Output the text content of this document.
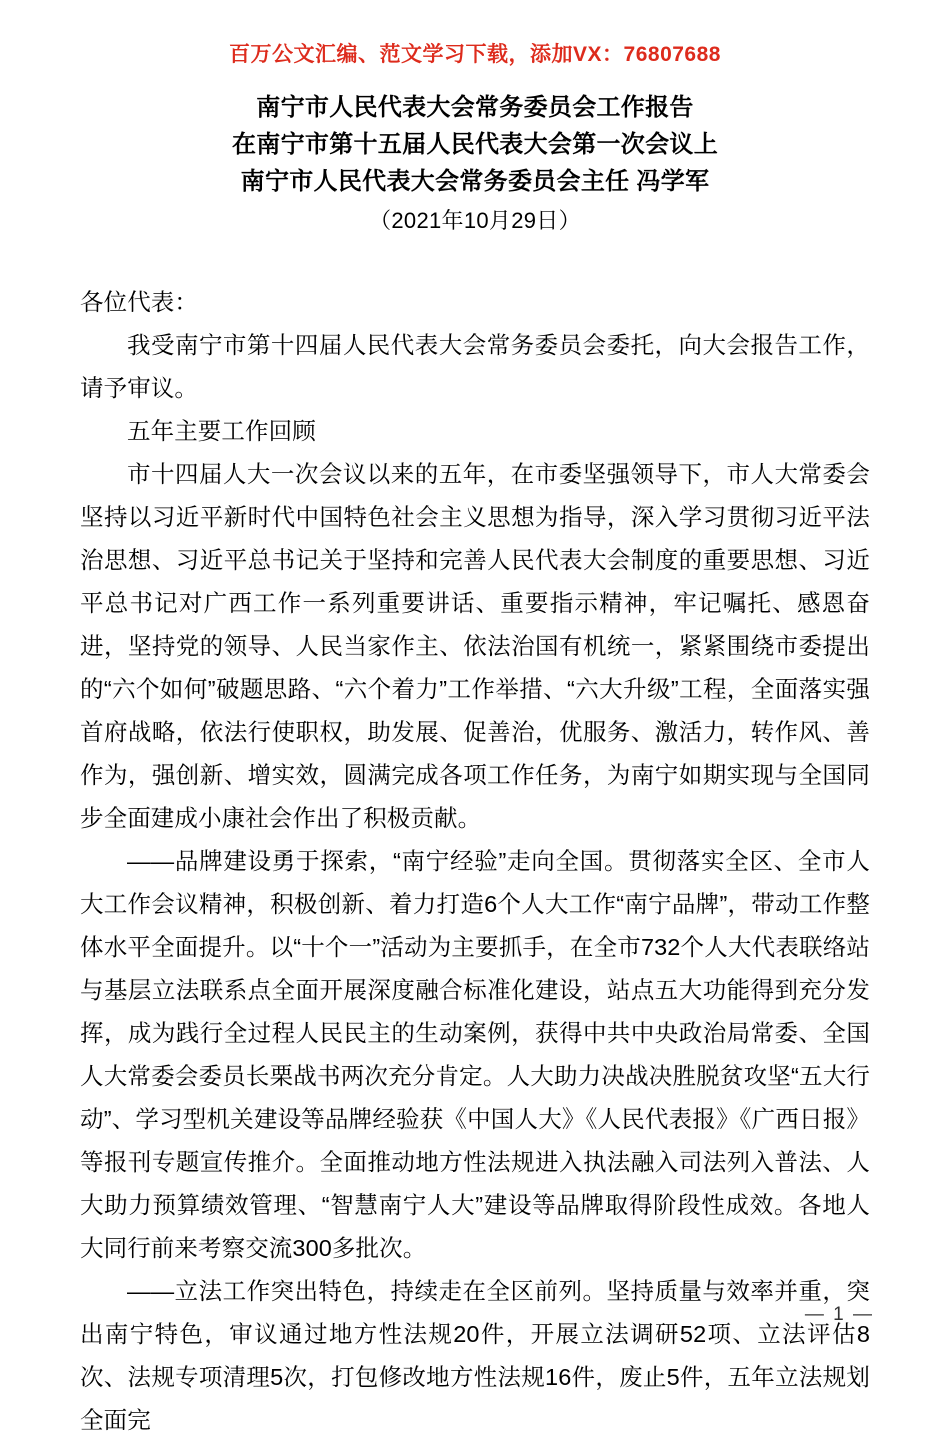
百万公文汇编、范文学习下载，添加VX：76807688
南宁市人民代表大会常务委员会工作报告
在南宁市第十五届人民代表大会第一次会议上
南宁市人民代表大会常务委员会主任 冯学军
（2021年10月29日）

各位代表：

我受南宁市第十四届人民代表大会常务委员会委托，向大会报告工作，请予审议。

五年主要工作回顾

市十四届人大一次会议以来的五年，在市委坚强领导下，市人大常委会坚持以习近平新时代中国特色社会主义思想为指导，深入学习贯彻习近平法治思想、习近平总书记关于坚持和完善人民代表大会制度的重要思想、习近平总书记对广西工作一系列重要讲话、重要指示精神，牢记嘱托、感恩奋进，坚持党的领导、人民当家作主、依法治国有机统一，紧紧围绕市委提出的“六个如何”破题思路、“六个着力”工作举措、“六大升级”工程，全面落实强首府战略，依法行使职权，助发展、促善治，优服务、激活力，转作风、善作为，强创新、增实效，圆满完成各项工作任务，为南宁如期实现与全国同步全面建成小康社会作出了积极贡献。

——品牌建设勇于探索，“南宁经验”走向全国。贯彻落实全区、全市人大工作会议精神，积极创新、着力打造6个人大工作“南宁品牌”，带动工作整体水平全面提升。以“十个一”活动为主要抓手，在全市732个人大代表联络站与基层立法联系点全面开展深度融合标准化建设，站点五大功能得到充分发挥，成为践行全过程人民民主的生动案例，获得中共中央政治局常委、全国人大常委会委员长栗战书两次充分肯定。人大助力决战决胜脱贫攻坚“五大行动”、学习型机关建设等品牌经验获《中国人大》《人民代表报》《广西日报》等报刊专题宣传推介。全面推动地方性法规进入执法融入司法列入普法、人大助力预算绩效管理、“智慧南宁人大”建设等品牌取得阶段性成效。各地人大同行前来考察交流300多批次。

——立法工作突出特色，持续走在全区前列。坚持质量与效率并重，突出南宁特色，审议通过地方性法规20件，开展立法调研52项、立法评估8次、法规专项清理5次，打包修改地方性法规16件，废止5件，五年立法规划全面完

— 1 —
